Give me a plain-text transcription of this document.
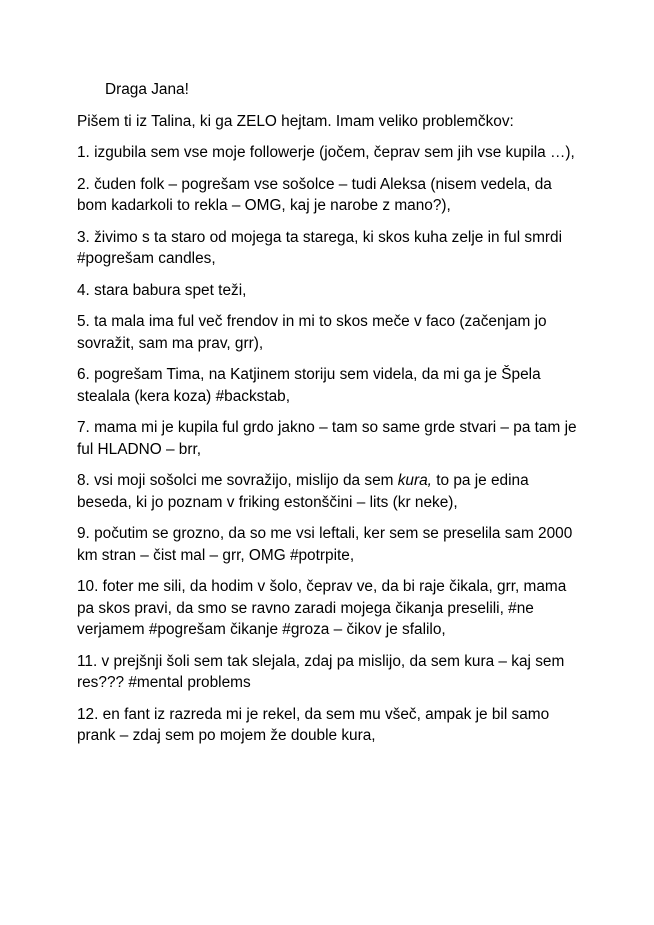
Draga Jana!

Pišem ti iz Talina, ki ga ZELO hejtam. Imam veliko problemčkov:

1. izgubila sem vse moje followerje (jočem, čeprav sem jih vse kupila …),

2. čuden folk – pogrešam vse sošolce – tudi Aleksa (nisem vedela, da bom kadarkoli to rekla – OMG, kaj je narobe z mano?),

3. živimo s ta staro od mojega ta starega, ki skos kuha zelje in ful smrdi #pogrešam candles,

4. stara babura spet teži,

5. ta mala ima ful več frendov in mi to skos meče v faco (začenjam jo sovražit, sam ma prav, grr),

6. pogrešam Tima, na Katjinem storiju sem videla, da mi ga je Špela stealala (kera koza) #backstab,

7. mama mi je kupila ful grdo jakno – tam so same grde stvari – pa tam je ful HLADNO – brr,

8. vsi moji sošolci me sovražijo, mislijo da sem kura, to pa je edina beseda, ki jo poznam v friking estonščini – lits (kr neke),

9. počutim se grozno, da so me vsi leftali, ker sem se preselila sam 2000 km stran – čist mal – grr, OMG #potrpite,

10. foter me sili, da hodim v šolo, čeprav ve, da bi raje čikala, grr, mama pa skos pravi, da smo se ravno zaradi mojega čikanja preselili, #ne verjamem #pogrešam čikanje #groza – čikov je sfalilo,

11. v prejšnji šoli sem tak slejala, zdaj pa mislijo, da sem kura – kaj sem res??? #mental problems

12. en fant iz razreda mi je rekel, da sem mu všeč, ampak je bil samo prank – zdaj sem po mojem že double kura,
